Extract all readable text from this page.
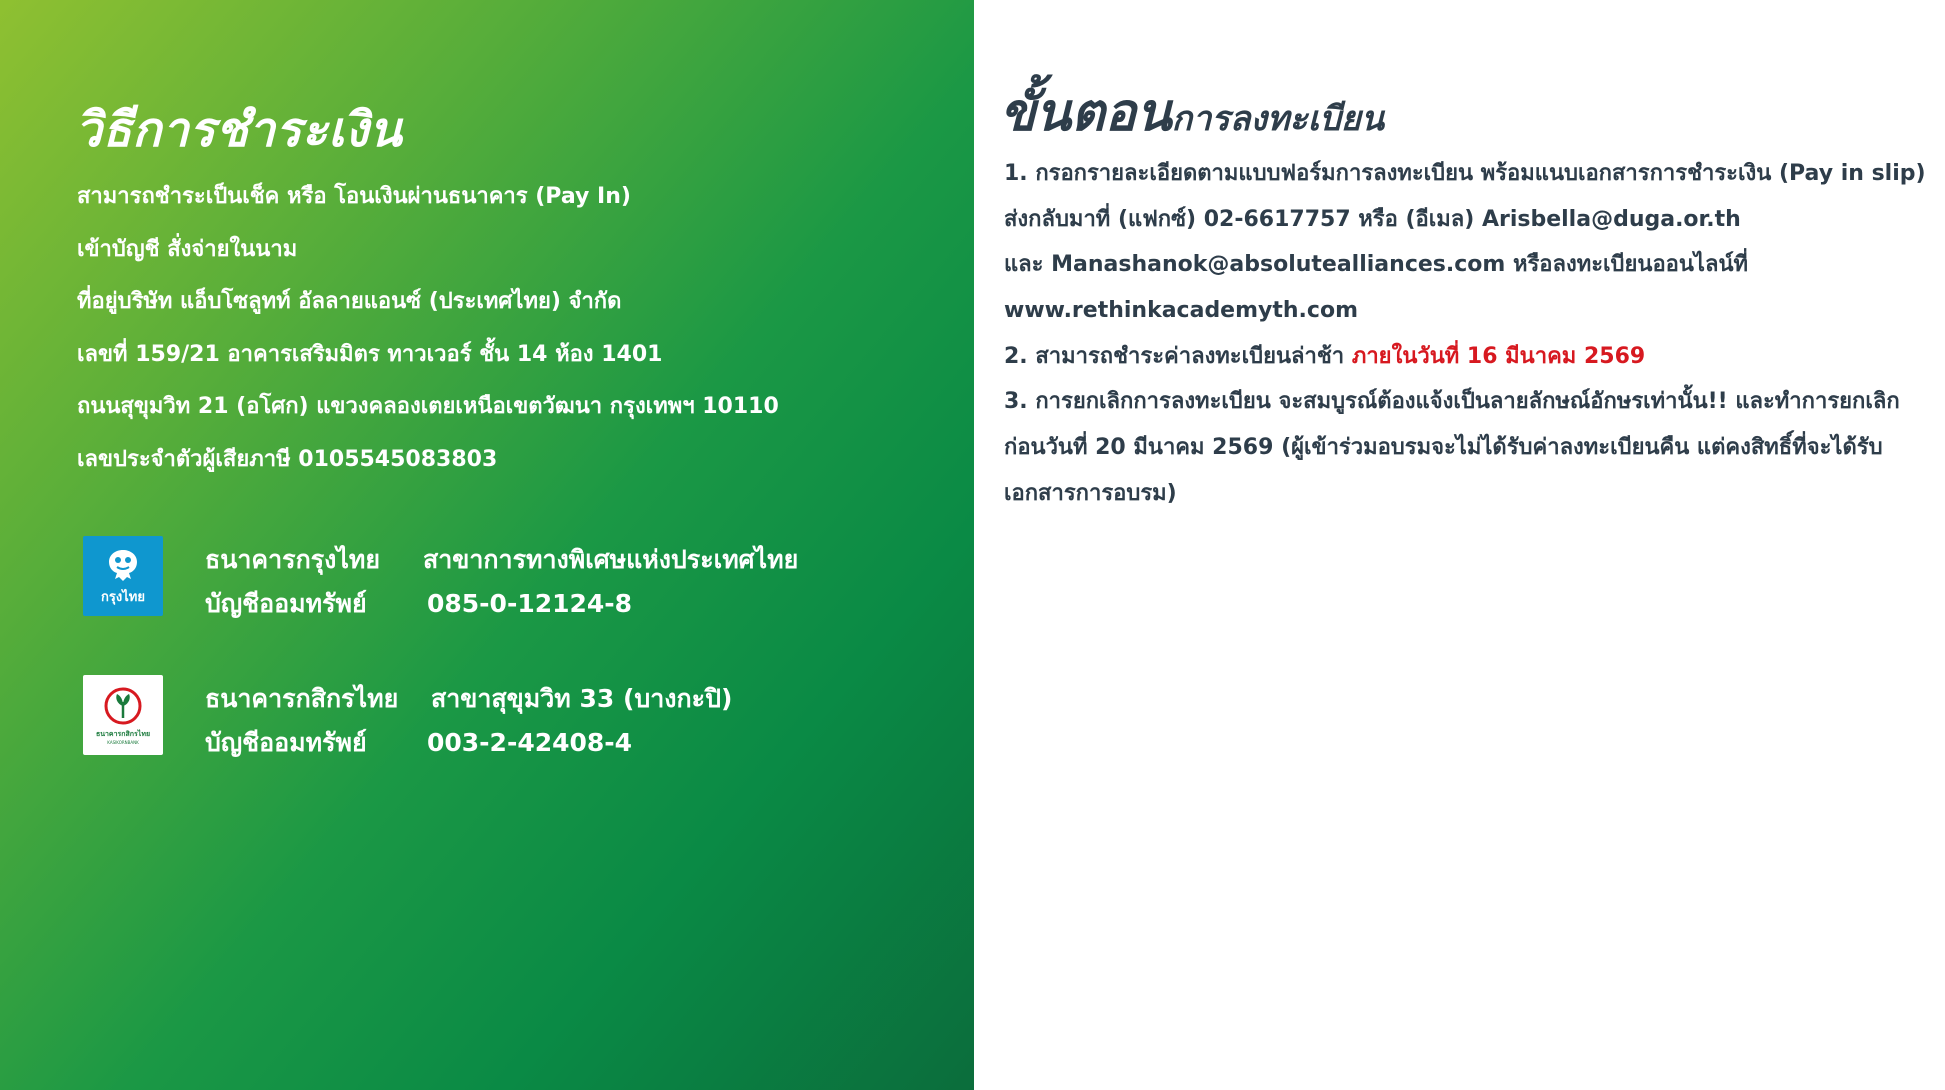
วิธีการชำระเงิน
สามารถชำระเป็นเช็ค หรือ โอนเงินผ่านธนาคาร (Pay In)
เข้าบัญชี สั่งจ่ายในนาม
ที่อยู่บริษัท แอ็บโซลูทท์ อัลลายแอนซ์ (ประเทศไทย) จำกัด
เลขที่ 159/21 อาคารเสริมมิตร ทาวเวอร์ ชั้น 14 ห้อง 1401
ถนนสุขุมวิท 21 (อโศก) แขวงคลองเตยเหนือเขตวัฒนา กรุงเทพฯ 10110
เลขประจำตัวผู้เสียภาษี 0105545083803
กรุงไทย
ธนาคารกรุงไทย	สาขาการทางพิเศษแห่งประเทศไทย
บัญชีออมทรัพย์	085-0-12124-8
ธนาคารกสิกรไทย
KASIKORNBANK
ธนาคารกสิกรไทย	สาขาสุขุมวิท 33 (บางกะปิ)
บัญชีออมทรัพย์	003-2-42408-4
ขั้นตอนการลงทะเบียน
1. กรอกรายละเอียดตามแบบฟอร์มการลงทะเบียน พร้อมแนบเอกสารการชำระเงิน (Pay in slip)
ส่งกลับมาที่ (แฟกซ์) 02-6617757 หรือ (อีเมล) Arisbella@duga.or.th
และ Manashanok@absolutealliances.com หรือลงทะเบียนออนไลน์ที่
www.rethinkacademyth.com
2. สามารถชำระค่าลงทะเบียนล่าช้า ภายในวันที่ 16 มีนาคม 2569
3. การยกเลิกการลงทะเบียน จะสมบูรณ์ต้องแจ้งเป็นลายลักษณ์อักษรเท่านั้น!! และทำการยกเลิก
ก่อนวันที่ 20 มีนาคม 2569 (ผู้เข้าร่วมอบรมจะไม่ได้รับค่าลงทะเบียนคืน แต่คงสิทธิ์ที่จะได้รับ
เอกสารการอบรม)
